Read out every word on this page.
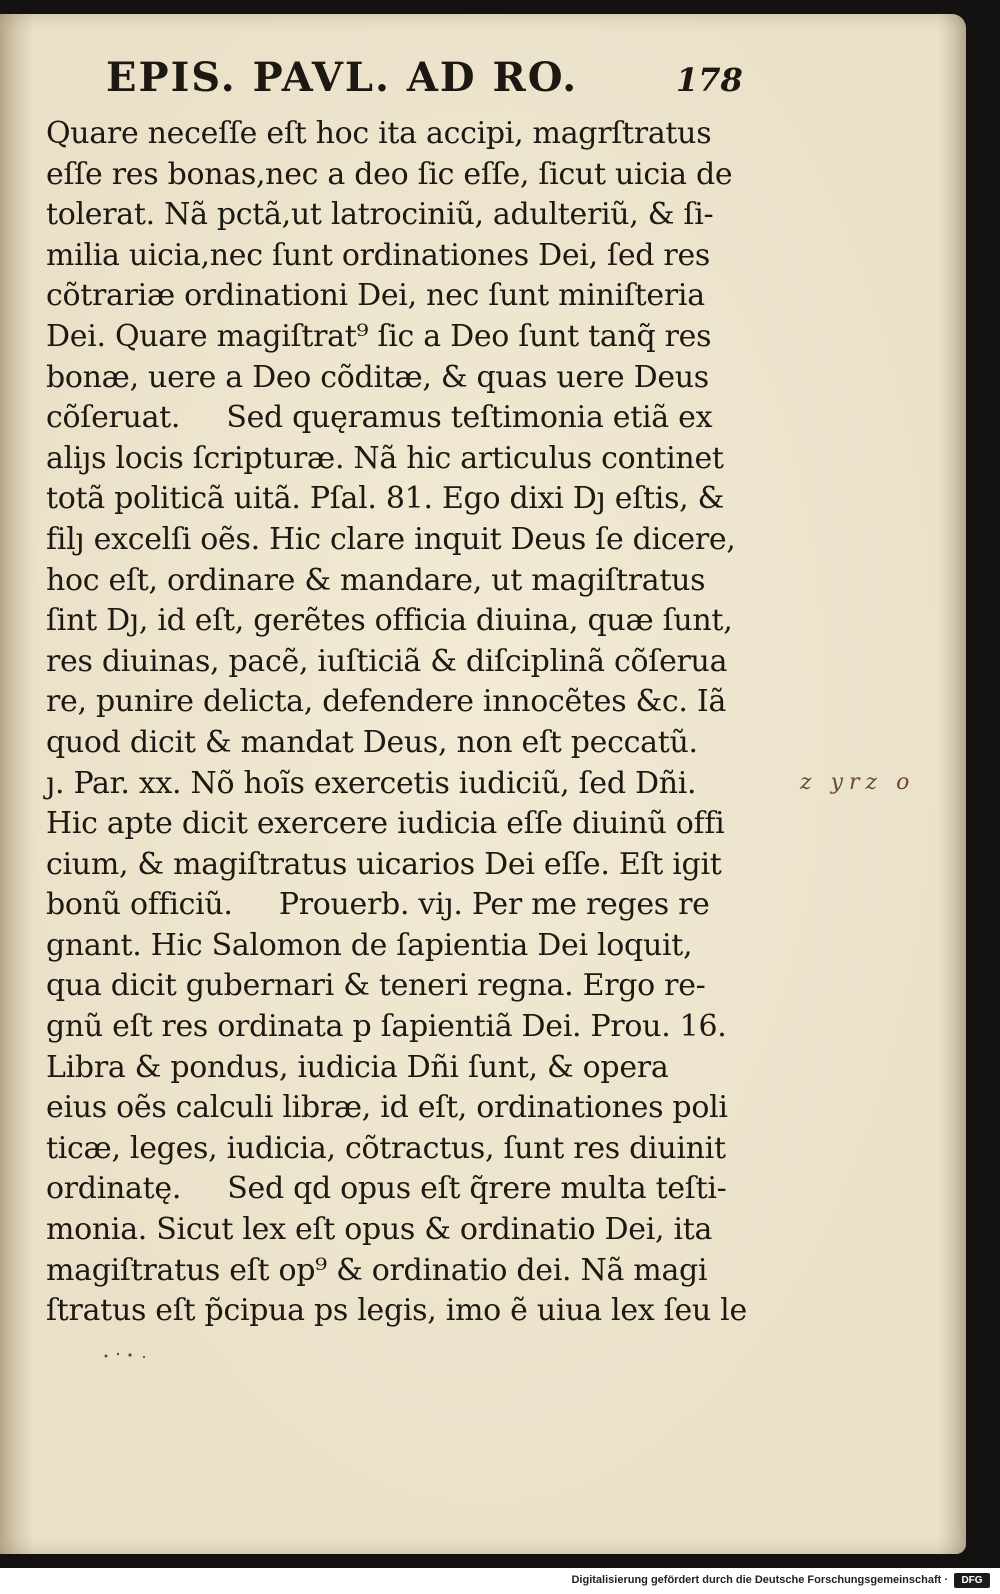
EPIS. PAVL. AD RO.	178
Quare neceſſe eſt hoc ita accipi, magrſtratus
eſſe res bonas,nec a deo ſic eſſe, ſicut uicia de
tolerat. Nã pctã,ut latrociniũ, adulteriũ, & ſi-
milia uicia,nec ſunt ordinationes Dei, ſed res
cõtrariæ ordinationi Dei, nec ſunt miniſteria
Dei. Quare magiſtrat⁹ ſic a Deo ſunt tanq̃ res
bonæ, uere a Deo cõditæ, & quas uere Deus
cõſeruat.     Sed quęramus teſtimonia etiã ex
aliȷs locis ſcripturæ. Nã hic articulus continet
totã politicã uitã. Pſal. 81. Ego dixi Dȷ eſtis, &
filȷ excelſi oẽs. Hic clare inquit Deus ſe dicere,
hoc eſt, ordinare & mandare, ut magiſtratus
ſint Dȷ, id eſt, gerẽtes officia diuina, quæ ſunt,
res diuinas, pacẽ, iuſticiã & diſciplinã cõſerua
re, punire delicta, defendere innocẽtes &c. Iã
quod dicit & mandat Deus, non eſt peccatũ.
ȷ. Par. xx. Nõ hoĩs exercetis iudiciũ, ſed Dñi.
Hic apte dicit exercere iudicia eſſe diuinũ offi
cium, & magiſtratus uicarios Dei eſſe. Eſt igit
bonũ officiũ.     Prouerb. viȷ. Per me reges re
gnant. Hic Salomon de ſapientia Dei loquit,
qua dicit gubernari & teneri regna. Ergo re-
gnũ eſt res ordinata p ſapientiã Dei. Prou. 16.
Libra & pondus, iudicia Dñi ſunt, & opera
eius oẽs calculi libræ, id eſt, ordinationes poli
ticæ, leges, iudicia, cõtractus, ſunt res diuinit
ordinatę.     Sed qd opus eſt q̃rere multa teſti-
monia. Sicut lex eſt opus & ordinatio Dei, ita
magiſtratus eſt op⁹ & ordinatio dei. Nã magi
ſtratus eſt p̃cipua ps legis, imo ẽ uiua lex ſeu le
z yrz o
Digitalisierung gefördert durch die Deutsche Forschungsgemeinschaft ·	DFG
